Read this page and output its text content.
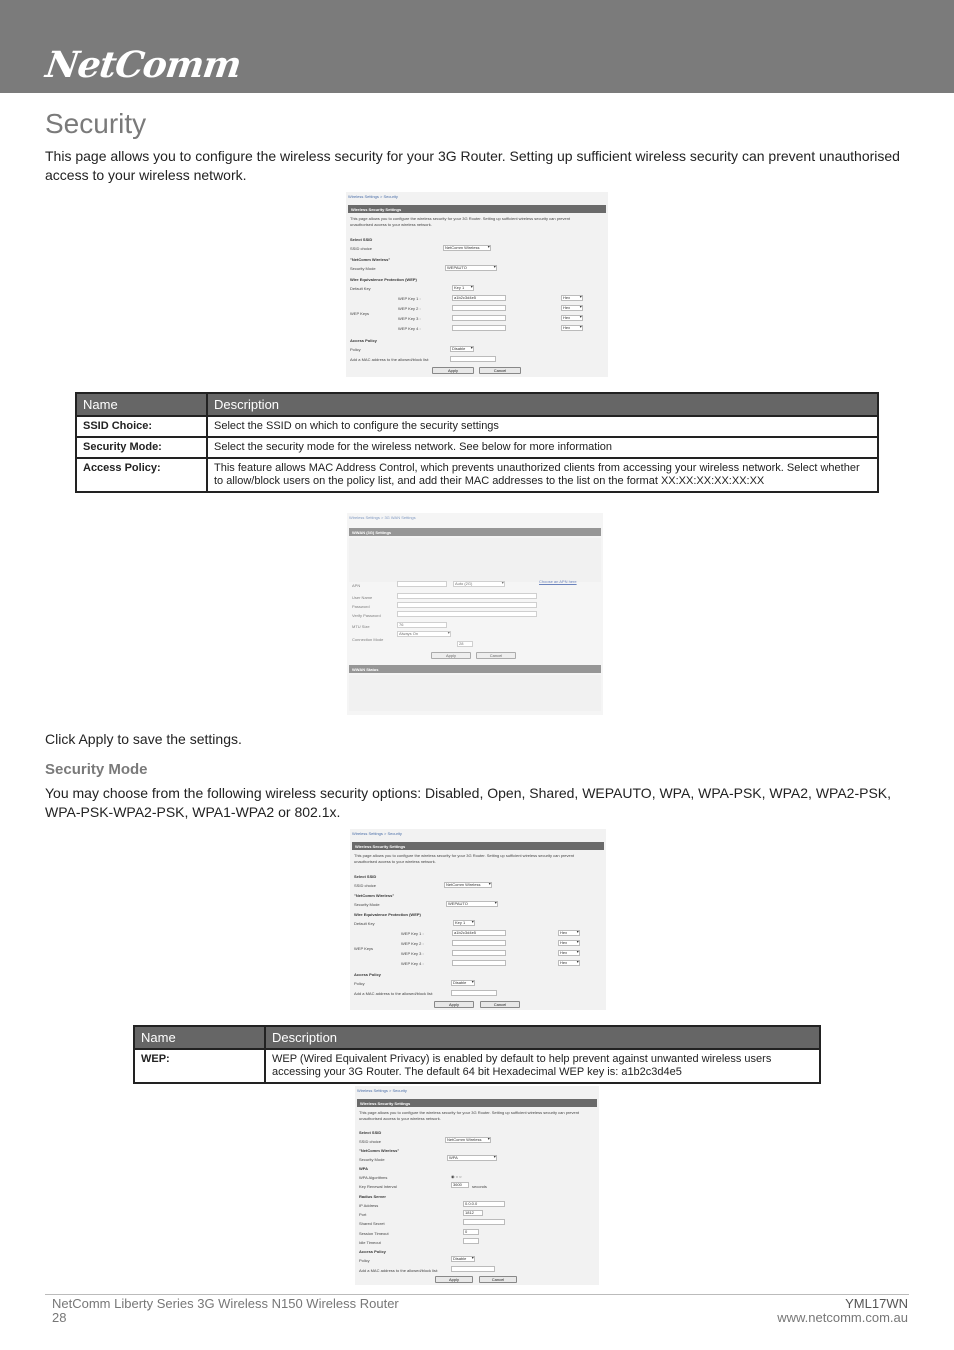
NetComm
Security

This page allows you to configure the wireless security for your 3G Router. Setting up sufficient wireless security can prevent unauthorised access to your wireless network.

Wireless Settings > Security
Wireless Security Settings
This page allows you to configure the wireless security for your 3G Router. Setting up sufficient wireless security can prevent unauthorised access to your wireless network.
Select SSID
SSID choice	NetComm Wireless ▾
"NetComm Wireless"
Security Mode	WEPAUTO ▾
Wire Equivalence Protection (WEP)
Default Key	Key 1 ▾
WEP Keys
WEP Key 1 :	a1b2c3d4e5	Hex ▾
WEP Key 2 :	Hex ▾
WEP Key 3 :	Hex ▾
WEP Key 4 :	Hex ▾
Access Policy
Policy	Disable ▾
Add a MAC address to the allowed/block list:
Apply	Cancel
Name	Description
SSID Choice:	Select the SSID on which to configure the security settings
Security Mode:	Select the security mode for the wireless network. See below for more information
Access Policy:	This feature allows MAC Address Control, which prevents unauthorized clients from accessing your wireless network. Select whether to allow/block users on the policy list, and add their MAC addresses to the list on the format XX:XX:XX:XX:XX:XX
Wireless Settings > 3G WAN Settings
WWAN (3G) Settings
APN	Auto (2G) ▾	Choose an APN here
User Name
Password
Verify Password
MTU Size	76
Connection Mode
Always On ▾
28
Apply	Cancel
WWAN Status

Click Apply to save the settings.

Security Mode

You may choose from the following wireless security options: Disabled, Open, Shared, WEPAUTO, WPA, WPA-PSK, WPA2, WPA2-PSK, WPA-PSK-WPA2-PSK, WPA1-WPA2 or 802.1x.

Wireless Settings > Security
Wireless Security Settings
This page allows you to configure the wireless security for your 3G Router. Setting up sufficient wireless security can prevent unauthorised access to your wireless network.
Select SSID
SSID choice	NetComm Wireless ▾
"NetComm Wireless"
Security Mode	WEPAUTO ▾
Wire Equivalence Protection (WEP)
Default Key	Key 1 ▾
WEP Keys
WEP Key 1 :	a1b2c3d4e5	Hex ▾
WEP Key 2 :	Hex ▾
WEP Key 3 :	Hex ▾
WEP Key 4 :	Hex ▾
Access Policy
Policy	Disable ▾
Add a MAC address to the allowed/block list:
Apply	Cancel
Name	Description
WEP:	WEP (Wired Equivalent Privacy) is enabled by default to help prevent against unwanted wireless users accessing your 3G Router. The default 64 bit Hexadecimal WEP key is: a1b2c3d4e5
Wireless Settings > Security
Wireless Security Settings
This page allows you to configure the wireless security for your 3G Router. Setting up sufficient wireless security can prevent unauthorised access to your wireless network.
Select SSID
SSID choice	NetComm Wireless ▾
"NetComm Wireless"
Security Mode	WPA ▾
WPA
WPA Algorithms	◉ ○ ○
Key Renewal Interval	3600	seconds
Radius Server
IP Address	0.0.0.0
Port	1812
Shared Secret
Session Timeout	0
Idle Timeout
Access Policy
Policy	Disable ▾
Add a MAC address to the allowed/block list:
Apply	Cancel
NetComm Liberty Series 3G Wireless N150 Wireless Router
28
YML17WN
www.netcomm.com.au
